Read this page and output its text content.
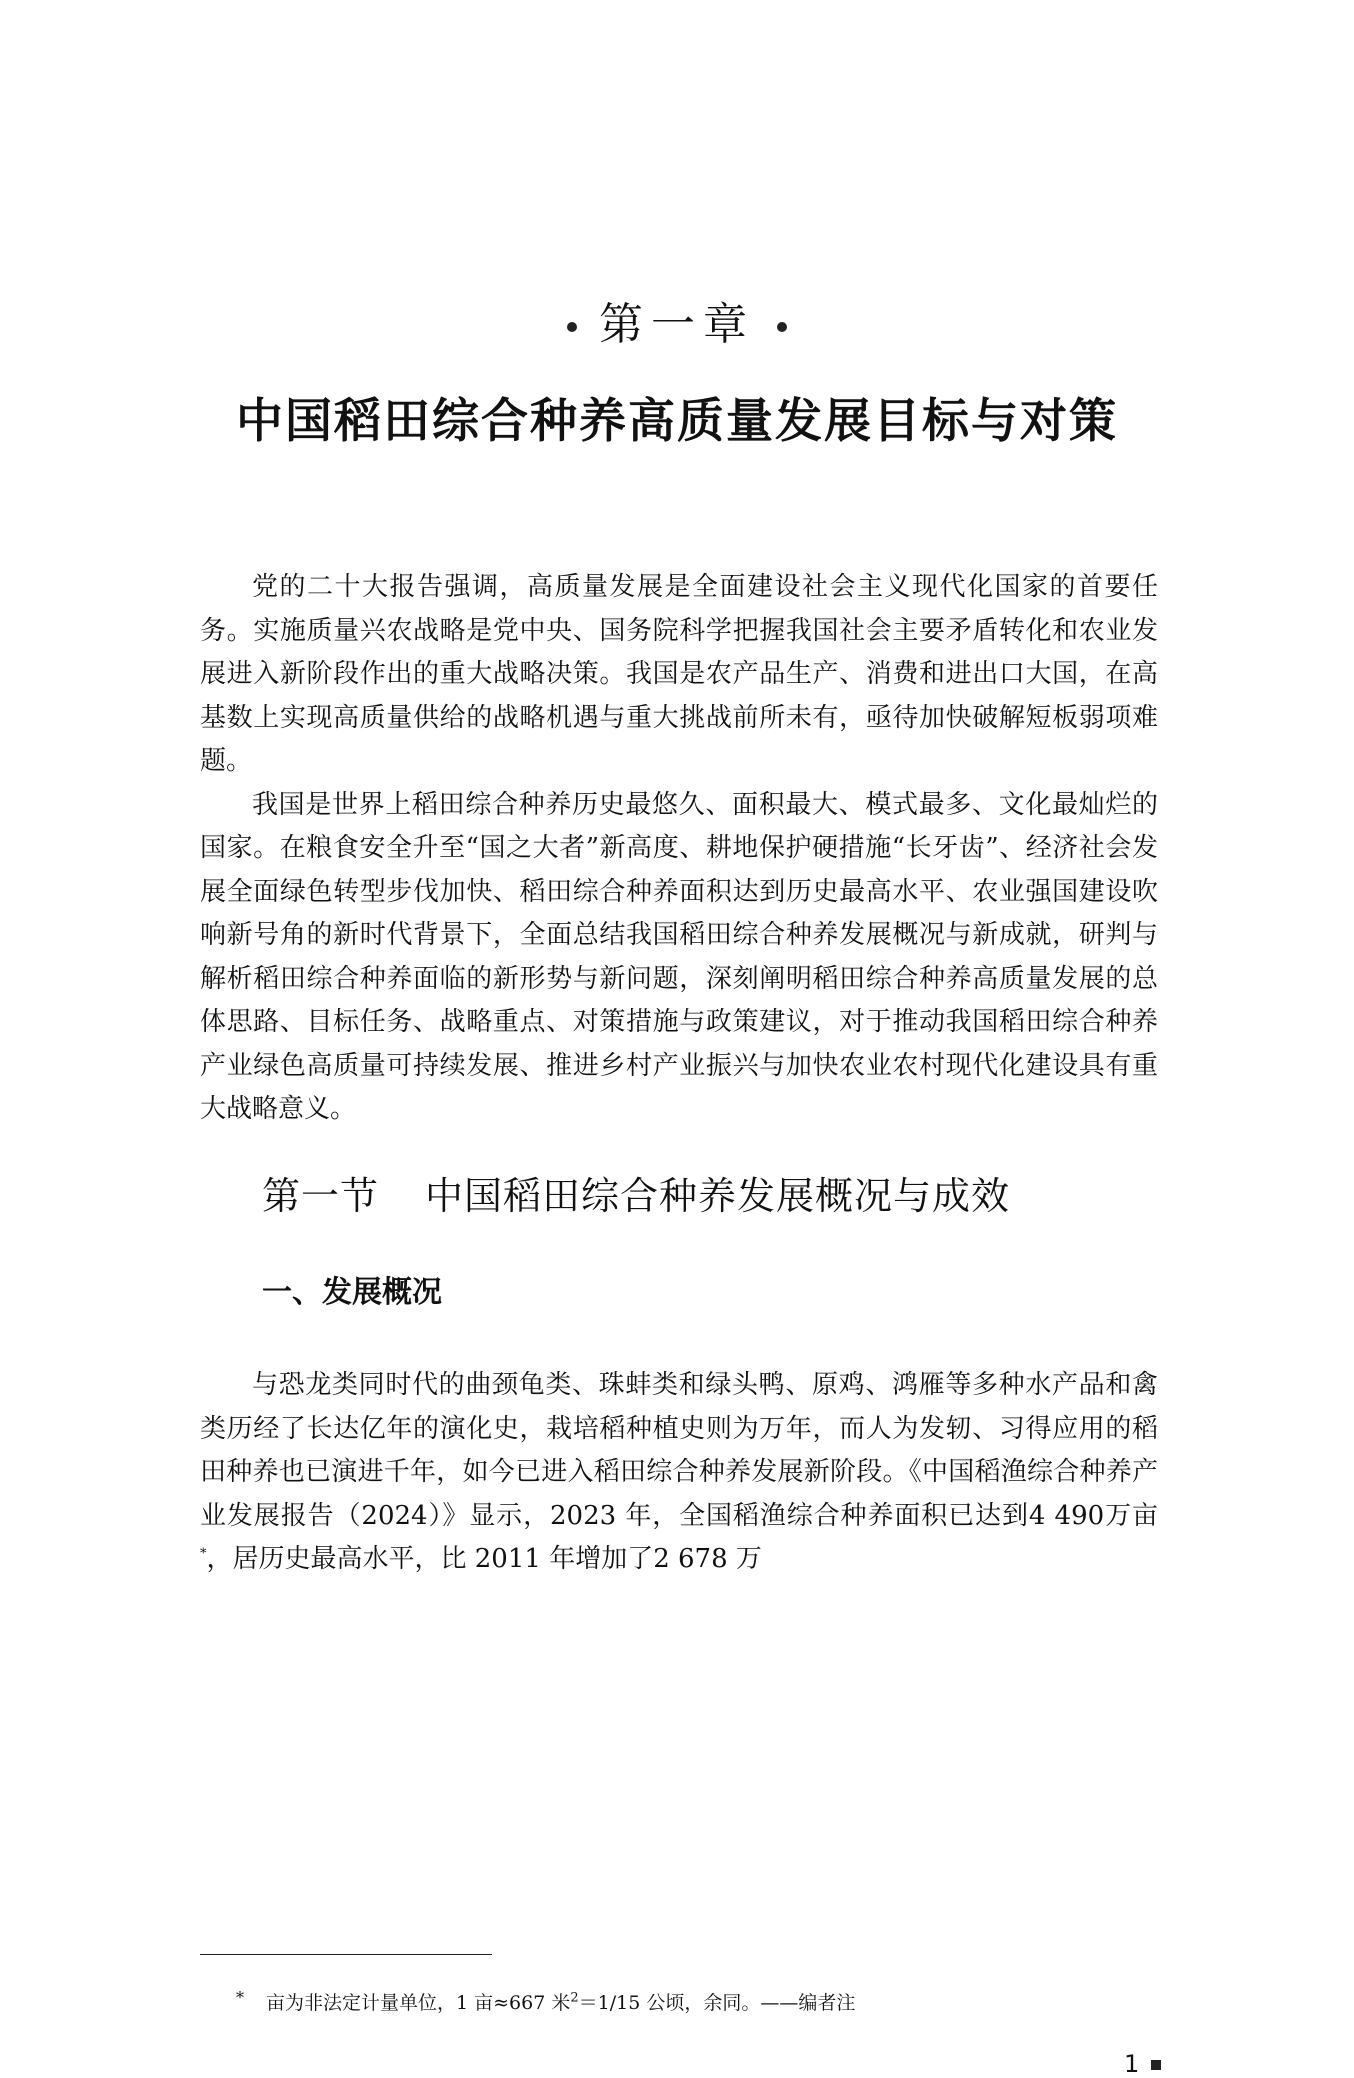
第一章
中国稻田综合种养高质量发展目标与对策

党的二十大报告强调，高质量发展是全面建设社会主义现代化国家的首要任务。实施质量兴农战略是党中央、国务院科学把握我国社会主要矛盾转化和农业发展进入新阶段作出的重大战略决策。我国是农产品生产、消费和进出口大国，在高基数上实现高质量供给的战略机遇与重大挑战前所未有，亟待加快破解短板弱项难题。

我国是世界上稻田综合种养历史最悠久、面积最大、模式最多、文化最灿烂的国家。在粮食安全升至“国之大者”新高度、耕地保护硬措施“长牙齿”、经济社会发展全面绿色转型步伐加快、稻田综合种养面积达到历史最高水平、农业强国建设吹响新号角的新时代背景下，全面总结我国稻田综合种养发展概况与新成就，研判与解析稻田综合种养面临的新形势与新问题，深刻阐明稻田综合种养高质量发展的总体思路、目标任务、战略重点、对策措施与政策建议，对于推动我国稻田综合种养产业绿色高质量可持续发展、推进乡村产业振兴与加快农业农村现代化建设具有重大战略意义。

第一节 中国稻田综合种养发展概况与成效
一、发展概况

与恐龙类同时代的曲颈龟类、珠蚌类和绿头鸭、原鸡、鸿雁等多种水产品和禽类历经了长达亿年的演化史，栽培稻种植史则为万年，而人为发轫、习得应用的稻田种养也已演进千年，如今已进入稻田综合种养发展新阶段。《中国稻渔综合种养产业发展报告（2024）》显示，2023 年，全国稻渔综合种养面积已达到4 490万亩*，居历史最高水平，比 2011 年增加了2 678 万

* 亩为非法定计量单位，1 亩≈667 米$^2$＝1/15 公顷，余同。——编者注
1
